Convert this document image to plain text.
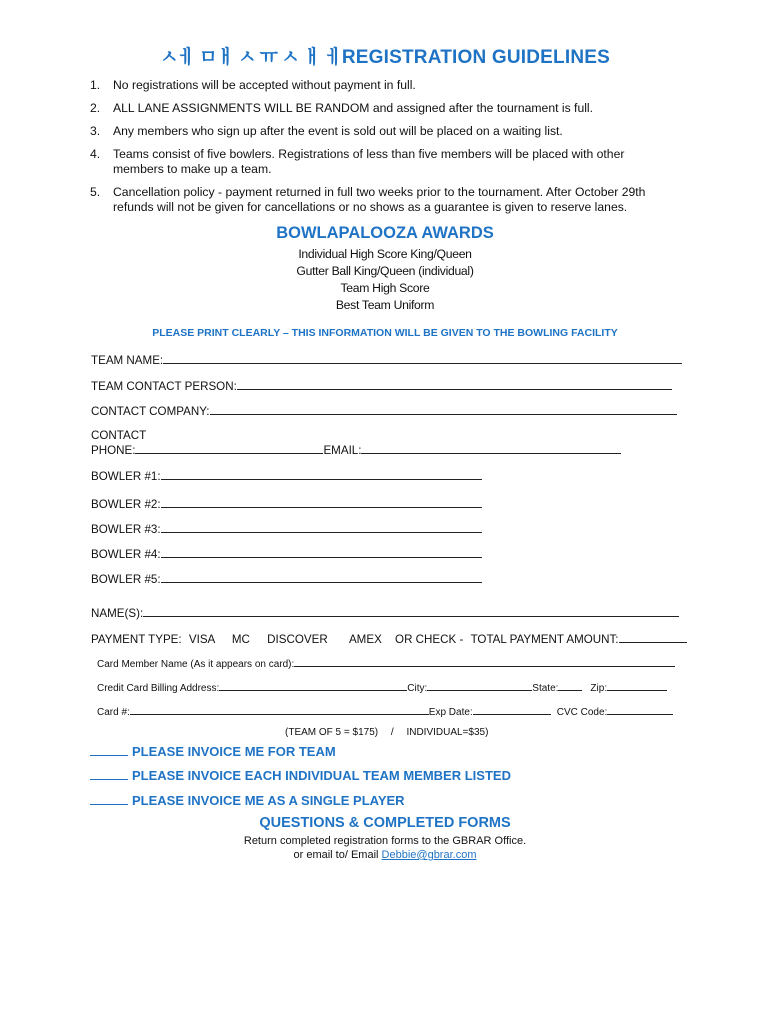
ㅅㅔ ㅁㅐ ㅅ ㅠ ㅅ ㅐ ㅔREGISTRATION GUIDELINES
1.	No registrations will be accepted without payment in full.
2.	ALL LANE ASSIGNMENTS WILL BE RANDOM and assigned after the tournament is full.
3.	Any members who sign up after the event is sold out will be placed on a waiting list.
4.	Teams consist of five bowlers. Registrations of less than five members will be placed with other members to make up a team.
5.	Cancellation policy - payment returned in full two weeks prior to the tournament. After October 29th refunds will not be given for cancellations or no shows as a guarantee is given to reserve lanes.
BOWLAPALOOZA AWARDS
Individual High Score King/Queen
Gutter Ball King/Queen (individual)
Team High Score
Best Team Uniform
PLEASE PRINT CLEARLY – THIS INFORMATION WILL BE GIVEN TO THE BOWLING FACILITY
TEAM NAME:
TEAM CONTACT PERSON:
CONTACT COMPANY:
CONTACT
PHONE:	EMAIL:
BOWLER #1:
BOWLER #2:
BOWLER #3:
BOWLER #4:
BOWLER #5:
NAME(S):
PAYMENT TYPE: VISA MC DISCOVER AMEX OR CHECK - TOTAL PAYMENT AMOUNT:
Card Member Name (As it appears on card):
Credit Card Billing Address:	City:	State:	Zip:
Card #:	Exp Date:	CVC Code:
(TEAM OF 5 = $175) / INDIVIDUAL=$35)
PLEASE INVOICE ME FOR TEAM
PLEASE INVOICE EACH INDIVIDUAL TEAM MEMBER LISTED
PLEASE INVOICE ME AS A SINGLE PLAYER
QUESTIONS & COMPLETED FORMS
Return completed registration forms to the GBRAR Office.
or email to/ Email Debbie@gbrar.com
